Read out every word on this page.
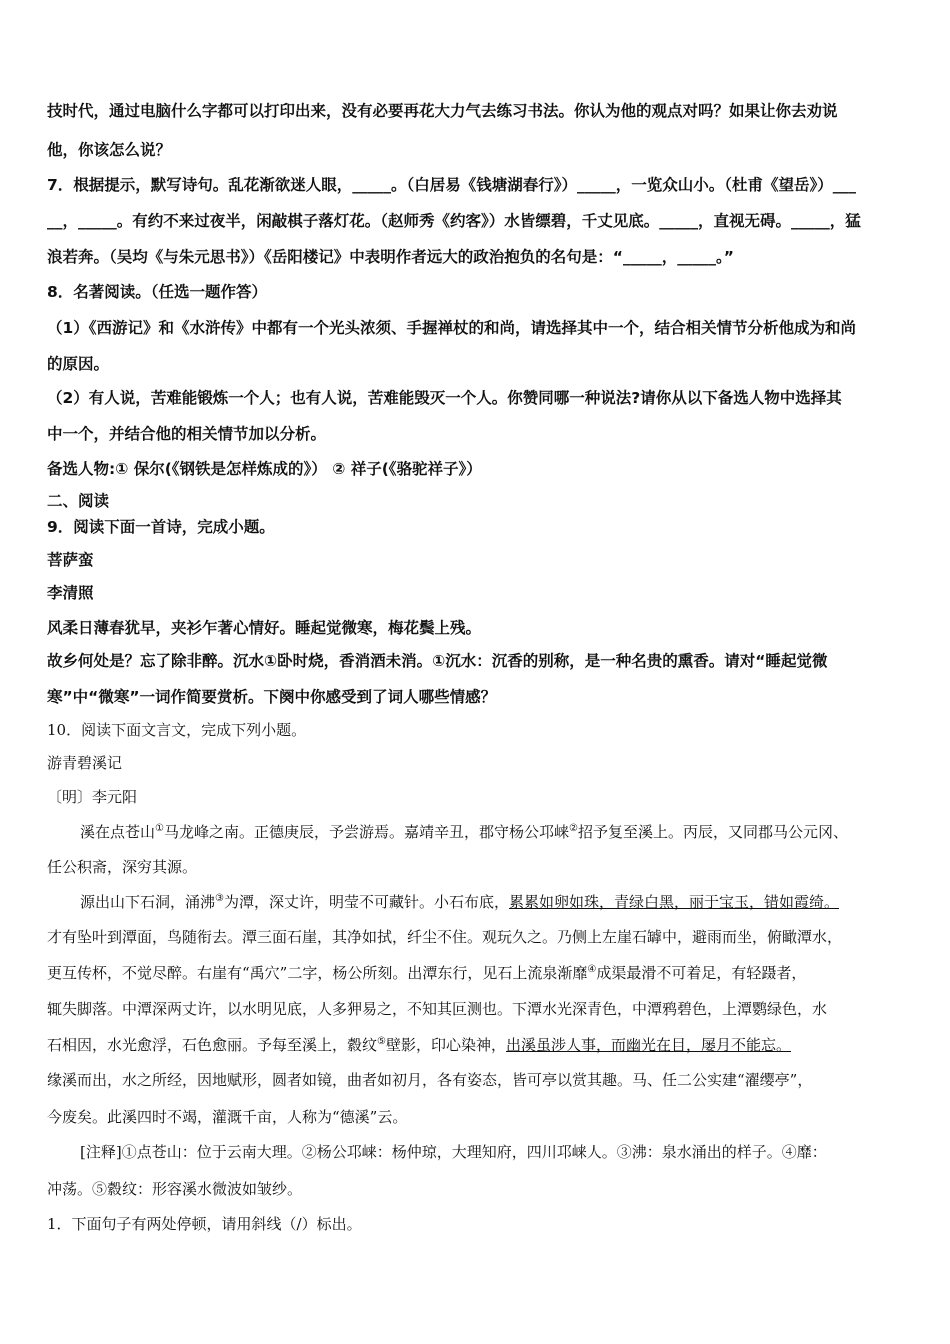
技时代，通过电脑什么字都可以打印出来，没有必要再花大力气去练习书法。你认为他的观点对吗？如果让你去劝说
他，你该怎么说？
7．根据提示，默写诗句。乱花渐欲迷人眼，_____。（白居易《钱塘湖春行》）_____，一览众山小。（杜甫《望岳》）___
__，_____。有约不来过夜半，闲敲棋子落灯花。（赵师秀《约客》）水皆缥碧，千丈见底。_____，直视无碍。_____，猛
浪若奔。（吴均《与朱元思书》）《岳阳楼记》中表明作者远大的政治抱负的名句是：“_____，_____。”
8．名著阅读。（任选一题作答）
（1）《西游记》和《水浒传》中都有一个光头浓须、手握禅杖的和尚，请选择其中一个，结合相关情节分析他成为和尚
的原因。
（2）有人说，苦难能锻炼一个人；也有人说，苦难能毁灭一个人。你赞同哪一种说法?请你从以下备选人物中选择其
中一个，并结合他的相关情节加以分析。
备选人物:① 保尔(《钢铁是怎样炼成的》） ② 祥子(《骆驼祥子》）
二、阅读
9．阅读下面一首诗，完成小题。
菩萨蛮
李清照
风柔日薄春犹早，夹衫乍著心情好。睡起觉微寒，梅花鬓上残。
故乡何处是？忘了除非醉。沉水①卧时烧，香消酒未消。①沉水：沉香的别称，是一种名贵的熏香。请对“睡起觉微
寒”中“微寒”一词作简要赏析。下阕中你感受到了词人哪些情感？
10．阅读下面文言文，完成下列小题。
游青碧溪记
〔明〕李元阳
溪在点苍山①马龙峰之南。正德庚辰，予尝游焉。嘉靖辛丑，郡守杨公邛崃②招予复至溪上。丙辰，又同郡马公元冈、
任公积斋，深穷其源。
源出山下石洞，涌沸③为潭，深丈许，明莹不可藏针。小石布底，累累如卵如珠，青绿白黑，丽于宝玉，错如霞绮。
才有坠叶到潭面，鸟随衔去。潭三面石崖，其净如拭，纤尘不住。观玩久之。乃侧上左崖石罅中，避雨而坐，俯瞰潭水，
更互传杯，不觉尽醉。右崖有“禹穴”二字，杨公所刻。出潭东行，见石上流泉渐靡④成渠最滑不可着足，有轻蹑者，
辄失脚落。中潭深两丈许，以水明见底，人多狎易之，不知其叵测也。下潭水光深青色，中潭鸦碧色，上潭鹦绿色，水
石相因，水光愈浮，石色愈丽。予每至溪上，縠纹⑤壁影，印心染神，出溪虽涉人事，而幽光在目，屡月不能忘。
缘溪而出，水之所经，因地赋形，圆者如镜，曲者如初月，各有姿态，皆可亭以赏其趣。马、任二公实建“濯缨亭”，
今废矣。此溪四时不竭，灌溉千亩，人称为“德溪”云。
[注释]①点苍山：位于云南大理。②杨公邛崃：杨仲琼，大理知府，四川邛崃人。③沸：泉水涌出的样子。④靡：
冲荡。⑤縠纹：形容溪水微波如皱纱。
1．下面句子有两处停顿，请用斜线（/）标出。
